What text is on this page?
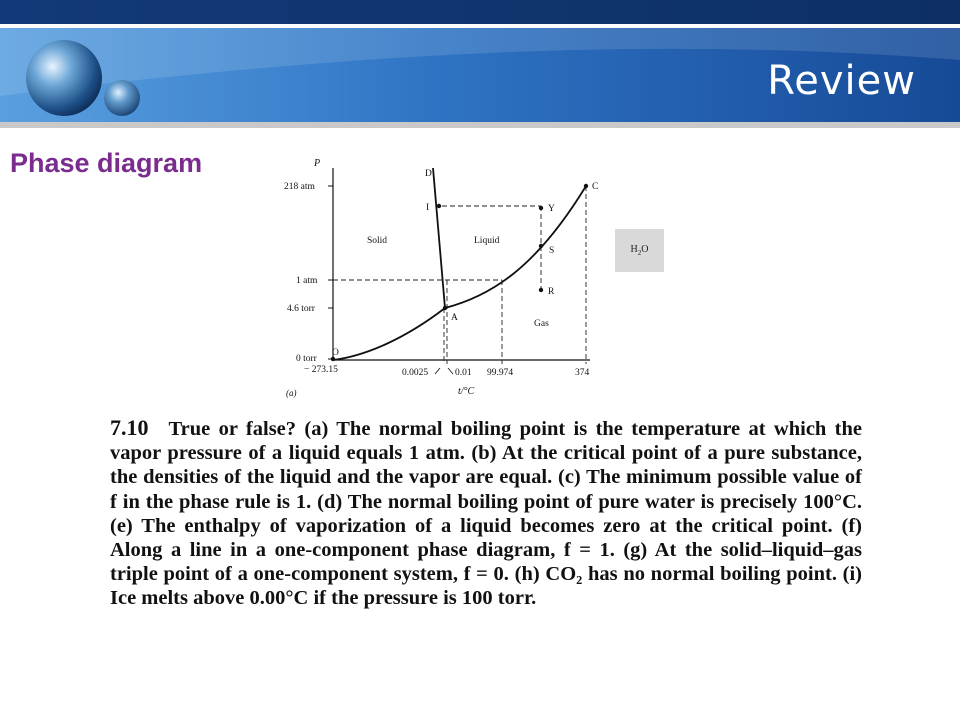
Review
Phase diagram	P
t/°C
(a)
218 atm
1 atm
4.6 torr
0 torr
− 273.15	0.0025	0.01 99.974	374
O
A
C
D
I	Y
S
R
Solid	Liquid
Gas
$H_2O$
7.10 True or false? (a) The normal boiling point is the temperature at which the vapor pressure of a liquid equals 1 atm. (b) At the critical point of a pure substance, the densities of the liquid and the vapor are equal. (c) The minimum possible value of f in the phase rule is 1. (d) The normal boiling point of pure water is precisely 100°C. (e) The enthalpy of vaporization of a liquid becomes zero at the critical point. (f) Along a line in a one-component phase diagram, f = 1. (g) At the solid–liquid–gas triple point of a one-component system, f = 0. (h) CO₂ has no normal boiling point. (i) Ice melts above 0.00°C if the pressure is 100 torr.
